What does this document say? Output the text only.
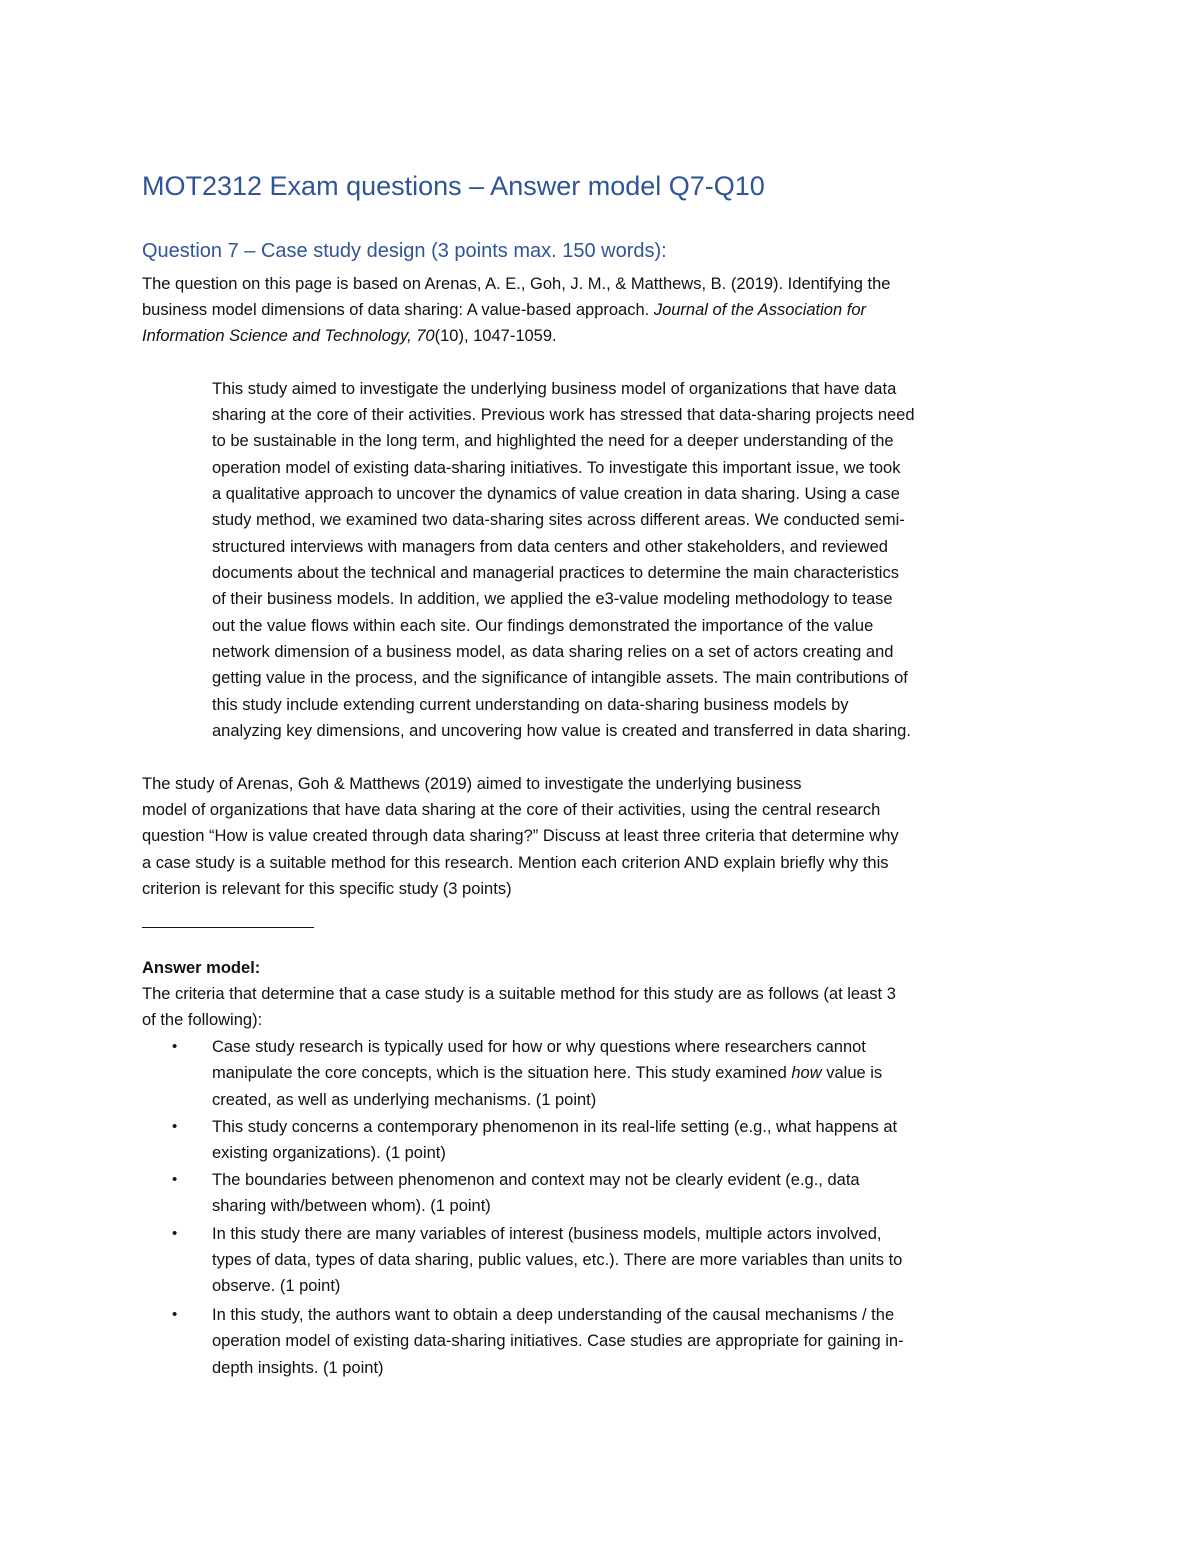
MOT2312 Exam questions – Answer model Q7-Q10
Question 7 – Case study design (3 points max. 150 words):
The question on this page is based on Arenas, A. E., Goh, J. M., & Matthews, B. (2019). Identifying the
business model dimensions of data sharing: A value-based approach. Journal of the Association for
Information Science and Technology, 70(10), 1047-1059.
This study aimed to investigate the underlying business model of organizations that have data
sharing at the core of their activities. Previous work has stressed that data-sharing projects need
to be sustainable in the long term, and highlighted the need for a deeper understanding of the
operation model of existing data-sharing initiatives. To investigate this important issue, we took
a qualitative approach to uncover the dynamics of value creation in data sharing. Using a case
study method, we examined two data-sharing sites across different areas. We conducted semi-
structured interviews with managers from data centers and other stakeholders, and reviewed
documents about the technical and managerial practices to determine the main characteristics
of their business models. In addition, we applied the e3-value modeling methodology to tease
out the value flows within each site. Our findings demonstrated the importance of the value
network dimension of a business model, as data sharing relies on a set of actors creating and
getting value in the process, and the significance of intangible assets. The main contributions of
this study include extending current understanding on data-sharing business models by
analyzing key dimensions, and uncovering how value is created and transferred in data sharing.
The study of Arenas, Goh & Matthews (2019) aimed to investigate the underlying business
model of organizations that have data sharing at the core of their activities, using the central research
question “How is value created through data sharing?” Discuss at least three criteria that determine why
a case study is a suitable method for this research. Mention each criterion AND explain briefly why this
criterion is relevant for this specific study (3 points)
Answer model:
The criteria that determine that a case study is a suitable method for this study are as follows (at least 3
of the following):
• Case study research is typically used for how or why questions where researchers cannot
manipulate the core concepts, which is the situation here. This study examined how value is
created, as well as underlying mechanisms. (1 point)
• This study concerns a contemporary phenomenon in its real-life setting (e.g., what happens at
existing organizations). (1 point)
• The boundaries between phenomenon and context may not be clearly evident (e.g., data
sharing with/between whom). (1 point)
• In this study there are many variables of interest (business models, multiple actors involved,
types of data, types of data sharing, public values, etc.). There are more variables than units to
observe. (1 point)
• In this study, the authors want to obtain a deep understanding of the causal mechanisms / the
operation model of existing data-sharing initiatives. Case studies are appropriate for gaining in-
depth insights. (1 point)
